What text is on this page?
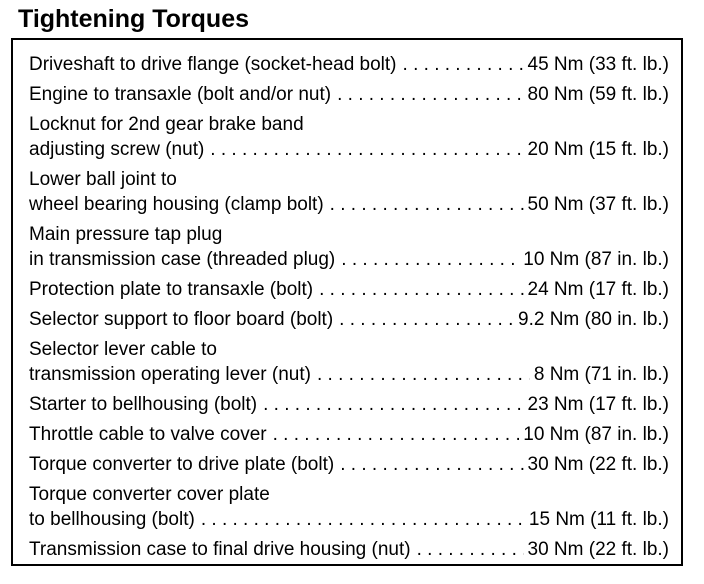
Tightening Torques
Driveshaft to drive flange (socket-head bolt) . . .	45 Nm (33 ft. lb.)
Engine to transaxle (bolt and/or nut) . . .	80 Nm (59 ft. lb.)
Locknut for 2nd gear brake band
adjusting screw (nut) . . .	20 Nm (15 ft. lb.)
Lower ball joint to
wheel bearing housing (clamp bolt) . . .	50 Nm (37 ft. lb.)
Main pressure tap plug
in transmission case (threaded plug) . . .	10 Nm (87 in. lb.)
Protection plate to transaxle (bolt) . . .	24 Nm (17 ft. lb.)
Selector support to floor board (bolt) . . .	9.2 Nm (80 in. lb.)
Selector lever cable to
transmission operating lever (nut) . . .	8 Nm (71 in. lb.)
Starter to bellhousing (bolt) . . .	23 Nm (17 ft. lb.)
Throttle cable to valve cover . . .	10 Nm (87 in. lb.)
Torque converter to drive plate (bolt) . . .	30 Nm (22 ft. lb.)
Torque converter cover plate
to bellhousing (bolt) . . .	15 Nm (11 ft. lb.)
Transmission case to final drive housing (nut) . . .	30 Nm (22 ft. lb.)
